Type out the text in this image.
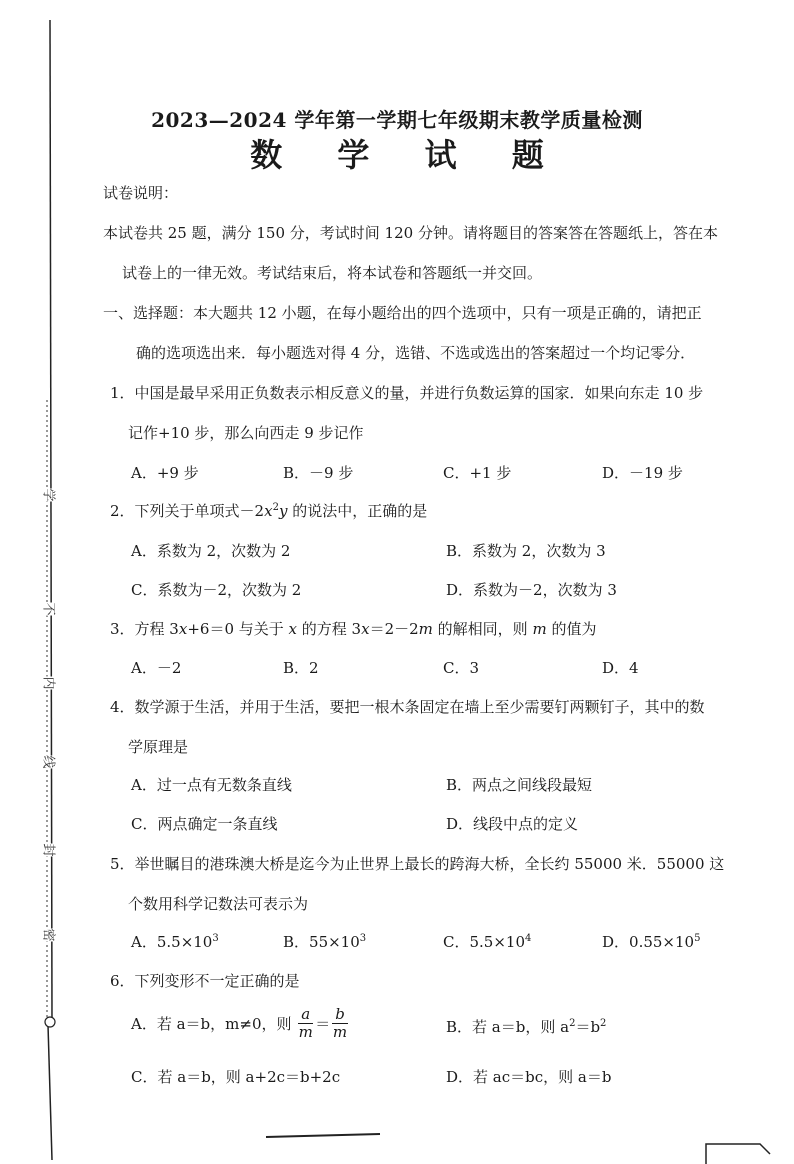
学
不
内
线
封
密
2023—2024 学年第一学期七年级期末教学质量检测
数 学 试 题
试卷说明：
本试卷共 25 题，满分 150 分，考试时间 120 分钟。请将题目的答案答在答题纸上，答在本
试卷上的一律无效。考试结束后，将本试卷和答题纸一并交回。
一、选择题：本大题共 12 小题，在每小题给出的四个选项中，只有一项是正确的，请把正
确的选项选出来．每小题选对得 4 分，选错、不选或选出的答案超过一个均记零分．
1．中国是最早采用正负数表示相反意义的量，并进行负数运算的国家．如果向东走 10 步
记作+10 步，那么向西走 9 步记作
A．+9 步	B．－9 步	C．+1 步	D．－19 步
2．下列关于单项式$-2x^2y$ 的说法中，正确的是
A．系数为 2，次数为 2	B．系数为 2，次数为 3
C．系数为－2，次数为 2	D．系数为－2，次数为 3
3．方程 3x+6＝0 与关于 x 的方程 3x＝2－2m 的解相同，则 m 的值为
A．－2	B．2	C．3	D．4
4．数学源于生活，并用于生活，要把一根木条固定在墙上至少需要钉两颗钉子，其中的数
学原理是
A．过一点有无数条直线	B．两点之间线段最短
C．两点确定一条直线	D．线段中点的定义
5．举世瞩目的港珠澳大桥是迄今为止世界上最长的跨海大桥，全长约 55000 米．55000 这
个数用科学记数法可表示为
A．$5.5\times 10^3$	B．$55\times 10^3$	C．$5.5\times 10^4$	D．$0.55\times 10^5$
6．下列变形不一定正确的是
A．若 a＝b，m≠0，则 $\frac{a}{m} = \frac{b}{m}$	B．若 a＝b，则 $a^2=b^2$
C．若 a＝b，则 a+2c＝b+2c	D．若 ac＝bc，则 a＝b
